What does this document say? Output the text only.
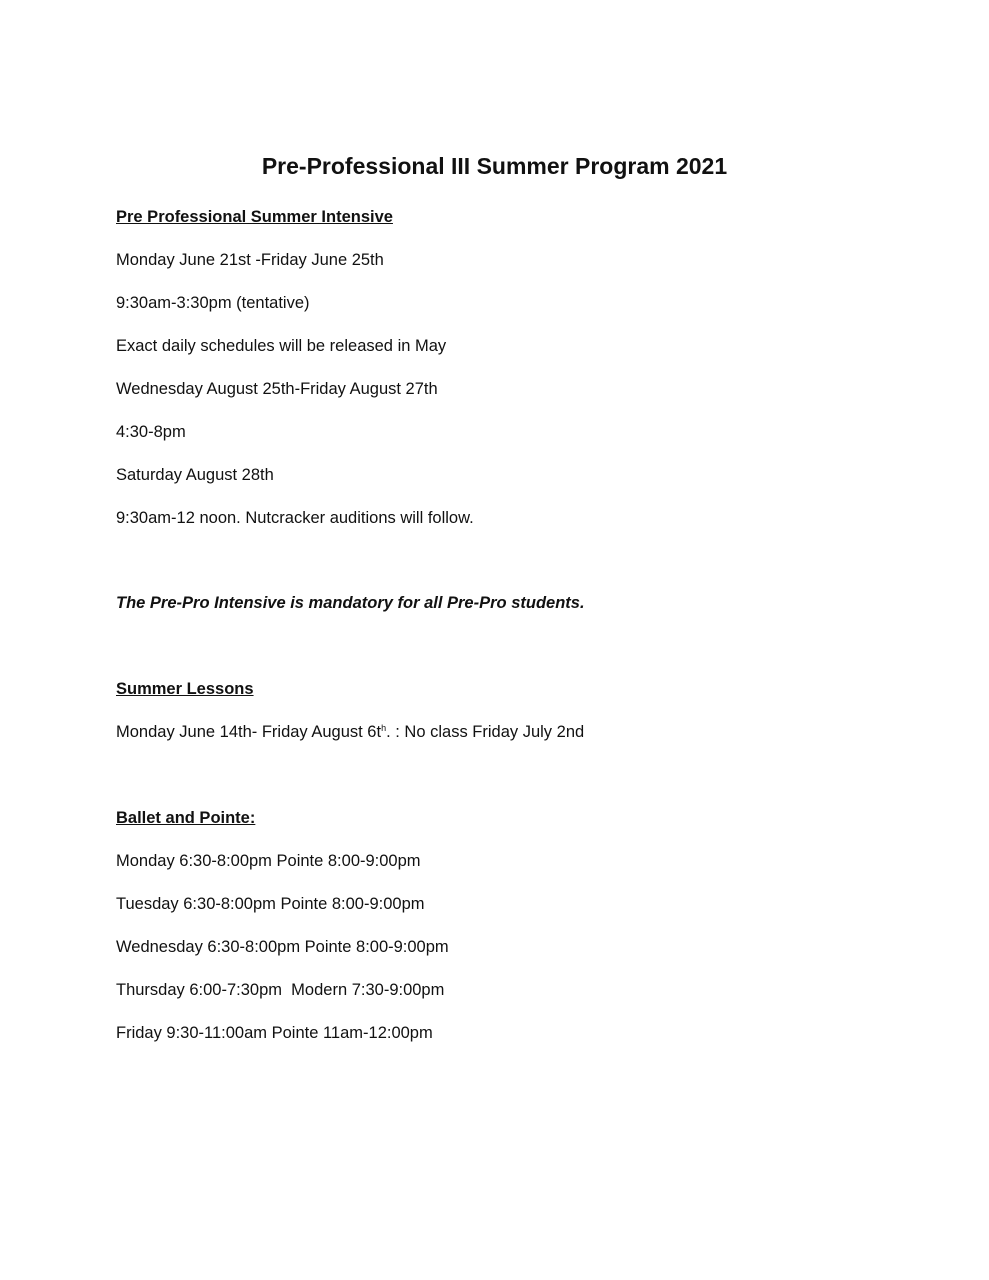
Pre-Professional III Summer Program 2021

Pre Professional Summer Intensive

Monday June 21st -Friday June 25th

9:30am-3:30pm (tentative)

Exact daily schedules will be released in May

Wednesday August 25th-Friday August 27th

4:30-8pm

Saturday August 28th

9:30am-12 noon. Nutcracker auditions will follow.

The Pre-Pro Intensive is mandatory for all Pre-Pro students.

Summer Lessons

Monday June 14th- Friday August $6t^h$. : No class Friday July 2nd

Ballet and Pointe:

Monday 6:30-8:00pm Pointe 8:00-9:00pm

Tuesday 6:30-8:00pm Pointe 8:00-9:00pm

Wednesday 6:30-8:00pm Pointe 8:00-9:00pm

Thursday 6:00-7:30pm  Modern 7:30-9:00pm

Friday 9:30-11:00am Pointe 11am-12:00pm
